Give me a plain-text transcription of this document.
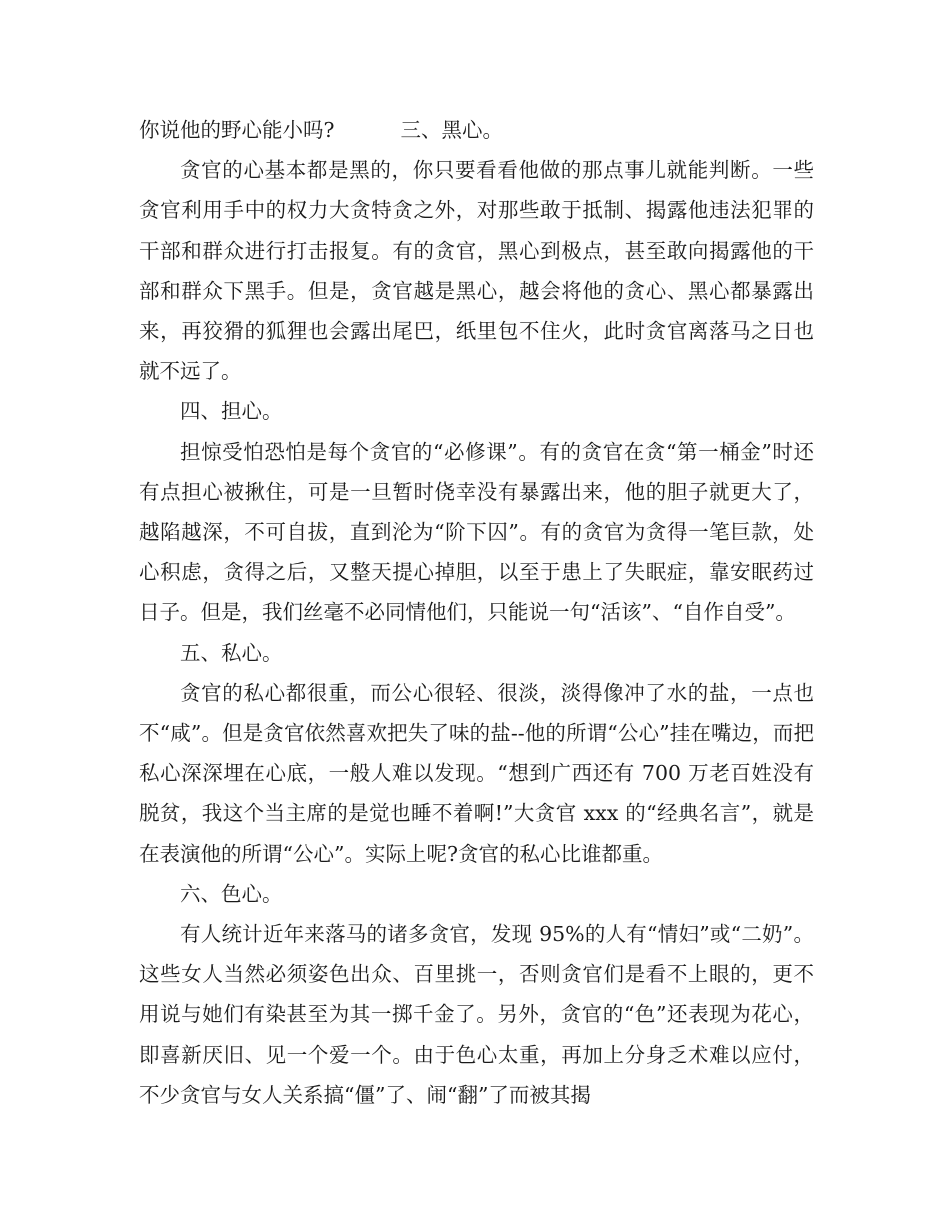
你说他的野心能小吗?	三、黑心。

贪官的心基本都是黑的，你只要看看他做的那点事儿就能判断。一些贪官利用手中的权力大贪特贪之外，对那些敢于抵制、揭露他违法犯罪的干部和群众进行打击报复。有的贪官，黑心到极点，甚至敢向揭露他的干部和群众下黑手。但是，贪官越是黑心，越会将他的贪心、黑心都暴露出来，再狡猾的狐狸也会露出尾巴，纸里包不住火，此时贪官离落马之日也就不远了。

四、担心。

担惊受怕恐怕是每个贪官的“必修课”。有的贪官在贪“第一桶金”时还有点担心被揪住，可是一旦暂时侥幸没有暴露出来，他的胆子就更大了，越陷越深，不可自拔，直到沦为“阶下囚”。有的贪官为贪得一笔巨款，处心积虑，贪得之后，又整天提心掉胆，以至于患上了失眠症，靠安眠药过日子。但是，我们丝毫不必同情他们，只能说一句“活该”、“自作自受”。

五、私心。

贪官的私心都很重，而公心很轻、很淡，淡得像冲了水的盐，一点也不“咸”。但是贪官依然喜欢把失了味的盐--他的所谓“公心”挂在嘴边，而把私心深深埋在心底，一般人难以发现。“想到广西还有 700 万老百姓没有脱贫，我这个当主席的是觉也睡不着啊!”大贪官 xxx 的“经典名言”，就是在表演他的所谓“公心”。实际上呢?贪官的私心比谁都重。

六、色心。

有人统计近年来落马的诸多贪官，发现 95%的人有“情妇”或“二奶”。这些女人当然必须姿色出众、百里挑一，否则贪官们是看不上眼的，更不用说与她们有染甚至为其一掷千金了。另外，贪官的“色”还表现为花心，即喜新厌旧、见一个爱一个。由于色心太重，再加上分身乏术难以应付，不少贪官与女人关系搞“僵”了、闹“翻”了而被其揭
